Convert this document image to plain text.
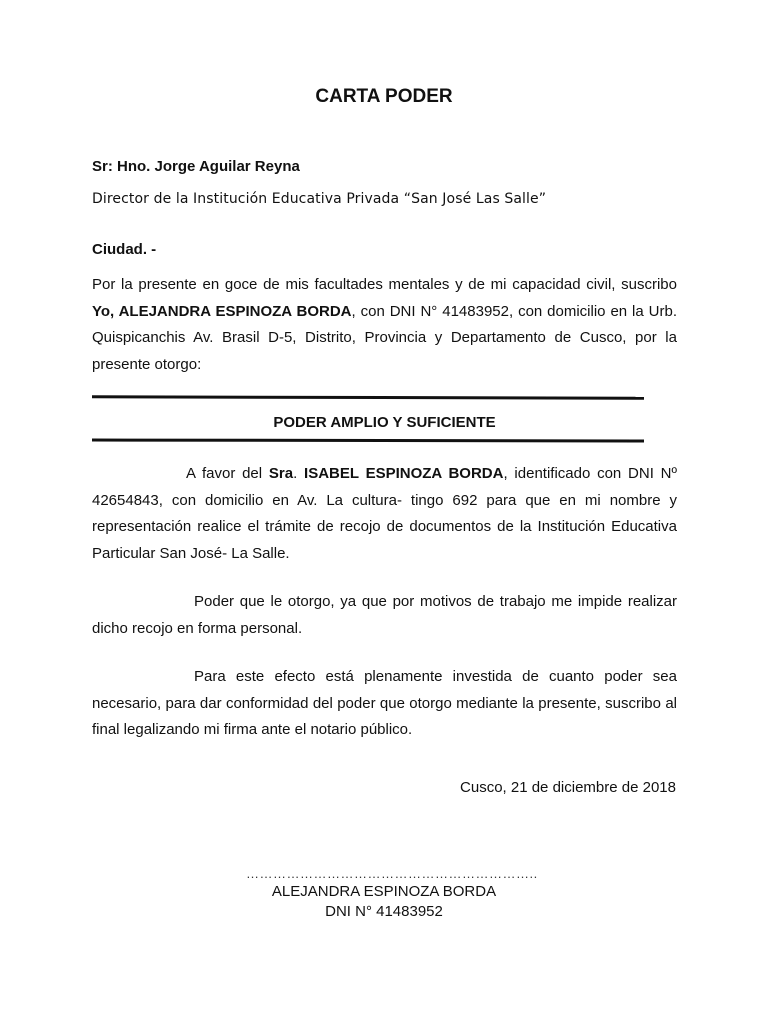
CARTA PODER
Sr: Hno. Jorge Aguilar Reyna
Director de la Institución Educativa Privada “San José Las Salle”
Ciudad. -
Por la presente en goce de mis facultades mentales y de mi capacidad civil, suscribo Yo, ALEJANDRA ESPINOZA BORDA, con DNI N° 41483952, con domicilio en la Urb. Quispicanchis Av. Brasil D-5, Distrito, Provincia y Departamento de Cusco, por la presente otorgo:
PODER AMPLIO Y SUFICIENTE
A favor del Sra. ISABEL ESPINOZA BORDA, identificado con DNI Nº 42654843, con domicilio en Av. La cultura- tingo 692 para que en mi nombre y representación realice el trámite de recojo de documentos de la Institución Educativa Particular San José- La Salle.
Poder que le otorgo, ya que por motivos de trabajo me impide realizar dicho recojo en forma personal.
Para este efecto está plenamente investida de cuanto poder sea necesario, para dar conformidad del poder que otorgo mediante la presente, suscribo al final legalizando mi firma ante el notario público.
Cusco, 21 de diciembre de 2018
………………………………………………………..
ALEJANDRA ESPINOZA BORDA
DNI N° 41483952
